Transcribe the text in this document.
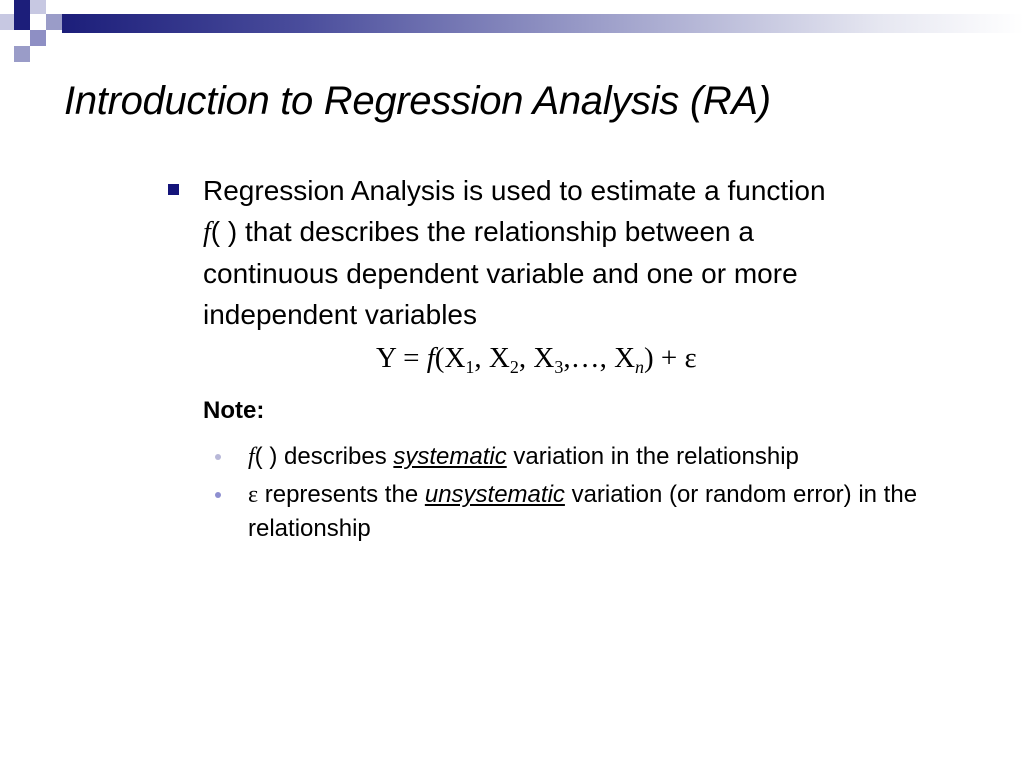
Introduction to Regression Analysis (RA)

Regression Analysis is used to estimate a function
f( ) that describes the relationship between a
continuous dependent variable and one or more
independent variables

$Y = f(X_1$, $X_2$, $X_3,\dots$, $X_n) + \varepsilon$

Note:

f( ) describes systematic variation in the relationship
ε represents the unsystematic variation (or random error) in the relationship
